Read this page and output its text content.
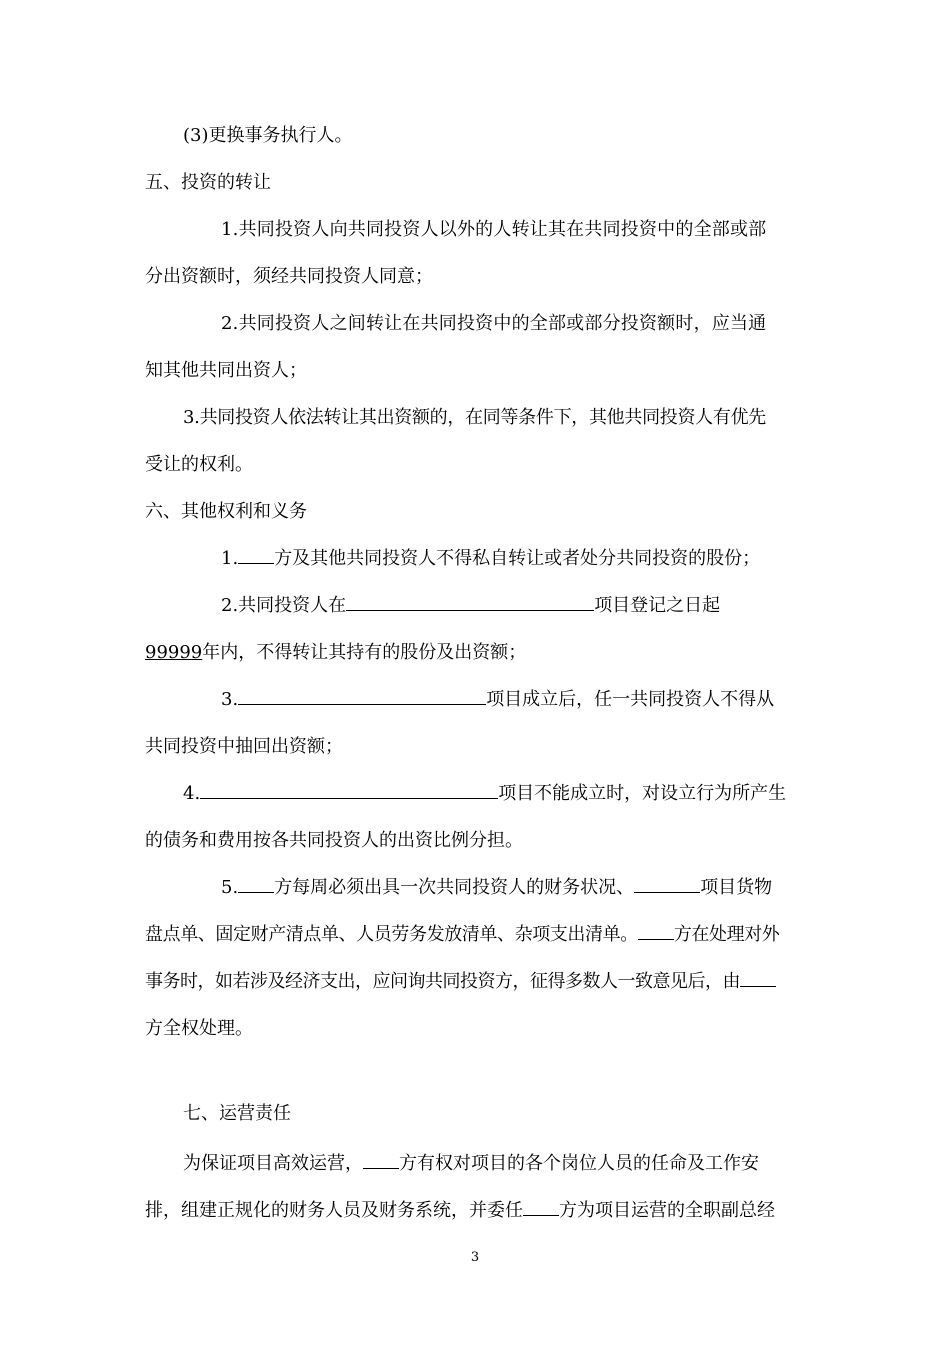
(3)更换事务执行人。
五、投资的转让
1.共同投资人向共同投资人以外的人转让其在共同投资中的全部或部
分出资额时，须经共同投资人同意；
2.共同投资人之间转让在共同投资中的全部或部分投资额时，应当通
知其他共同出资人；
3.共同投资人依法转让其出资额的，在同等条件下，其他共同投资人有优先
受让的权利。
六、其他权利和义务
1. 方及其他共同投资人不得私自转让或者处分共同投资的股份；
2.共同投资人在	项目登记之日起
99999年内，不得转让其持有的股份及出资额；
3.	项目成立后，任一共同投资人不得从
共同投资中抽回出资额；
4.	项目不能成立时，对设立行为所产生
的债务和费用按各共同投资人的出资比例分担。
5. 方每周必须出具一次共同投资人的财务状况、	项目货物
盘点单、固定财产清点单、人员劳务发放清单、杂项支出清单。 方在处理对外
事务时，如若涉及经济支出，应问询共同投资方，征得多数人一致意见后，由
方全权处理。
七、运营责任
为保证项目高效运营， 方有权对项目的各个岗位人员的任命及工作安
排，组建正规化的财务人员及财务系统，并委任 方为项目运营的全职副总经
3
